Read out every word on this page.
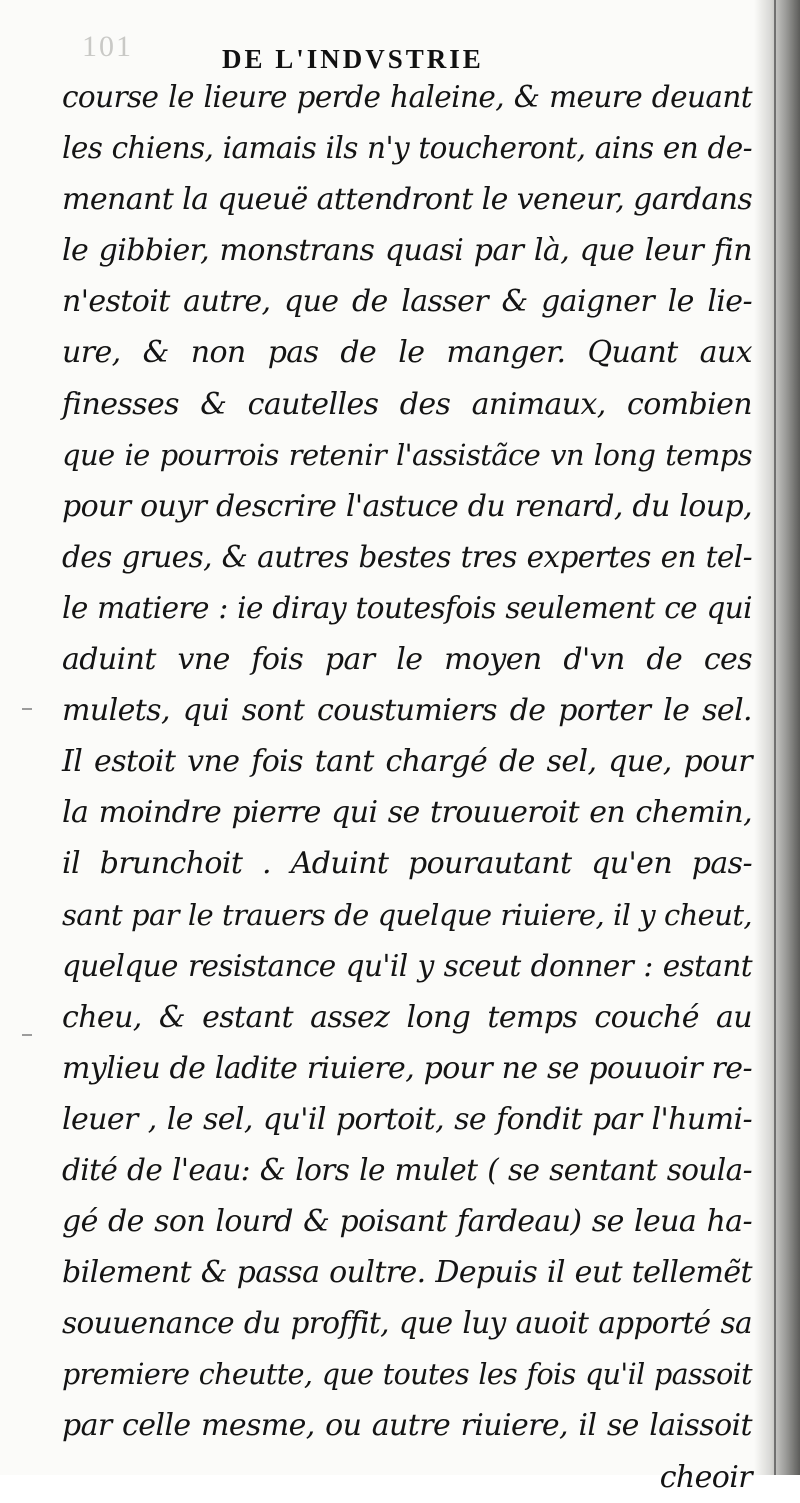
101	DE L'INDVSTRIE
course le lieure perde haleine, & meure deuant
les chiens, iamais ils n'y toucheront, ains en de-
menant la queuë attendront le veneur, gardans
le gibbier, monstrans quasi par là, que leur fin
n'estoit autre, que de lasser & gaigner le lie-
ure, & non pas de le manger. Quant aux
finesses & cautelles des animaux, combien
que ie pourrois retenir l'assistãce vn long temps
pour ouyr descrire l'astuce du renard, du loup,
des grues, & autres bestes tres expertes en tel-
le matiere : ie diray toutesfois seulement ce qui
aduint vne fois par le moyen d'vn de ces
mulets, qui sont coustumiers de porter le sel.
Il estoit vne fois tant chargé de sel, que, pour
la moindre pierre qui se trouueroit en chemin,
il brunchoit . Aduint pourautant qu'en pas-
sant par le trauers de quelque riuiere, il y cheut,
quelque resistance qu'il y sceut donner : estant
cheu, & estant assez long temps couché au
mylieu de ladite riuiere, pour ne se pouuoir re-
leuer , le sel, qu'il portoit, se fondit par l'humi-
dité de l'eau: & lors le mulet ( se sentant soula-
gé de son lourd & poisant fardeau) se leua ha-
bilement & passa oultre. Depuis il eut tellemẽt
souuenance du proffit, que luy auoit apporté sa
premiere cheutte, que toutes les fois qu'il passoit
par celle mesme, ou autre riuiere, il se laissoit
cheoir
